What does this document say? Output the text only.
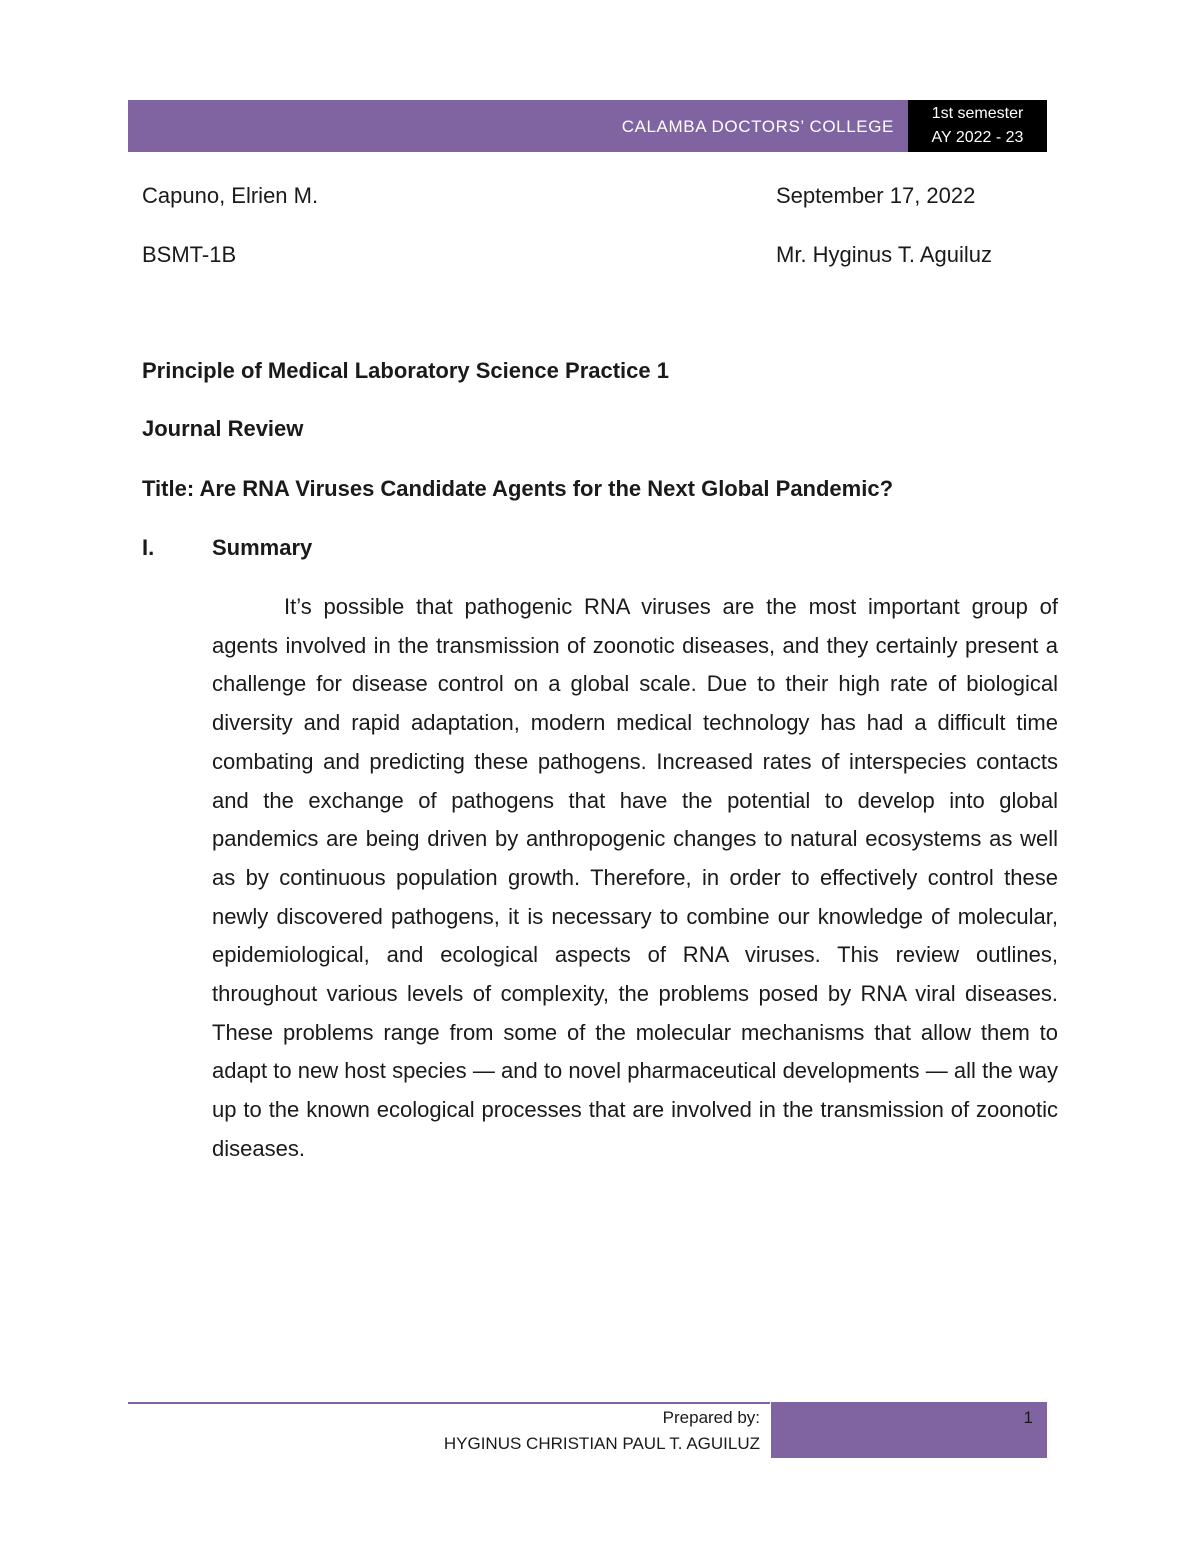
CALAMBA DOCTORS’ COLLEGE
1st semester
AY 2022 - 23
Capuno, Elrien M.	September 17, 2022
BSMT-1B	Mr. Hyginus T. Aguiluz
Principle of Medical Laboratory Science Practice 1
Journal Review
Title: Are RNA Viruses Candidate Agents for the Next Global Pandemic?
I.	Summary

It’s possible that pathogenic RNA viruses are the most important group of agents involved in the transmission of zoonotic diseases, and they certainly present a challenge for disease control on a global scale. Due to their high rate of biological diversity and rapid adaptation, modern medical technology has had a difficult time combating and predicting these pathogens. Increased rates of interspecies contacts and the exchange of pathogens that have the potential to develop into global pandemics are being driven by anthropogenic changes to natural ecosystems as well as by continuous population growth. Therefore, in order to effectively control these newly discovered pathogens, it is necessary to combine our knowledge of molecular, epidemiological, and ecological aspects of RNA viruses. This review outlines, throughout various levels of complexity, the problems posed by RNA viral diseases. These problems range from some of the molecular mechanisms that allow them to adapt to new host species — and to novel pharmaceutical developments — all the way up to the known ecological processes that are involved in the transmission of zoonotic diseases.

Prepared by:
HYGINUS CHRISTIAN PAUL T. AGUILUZ
1
